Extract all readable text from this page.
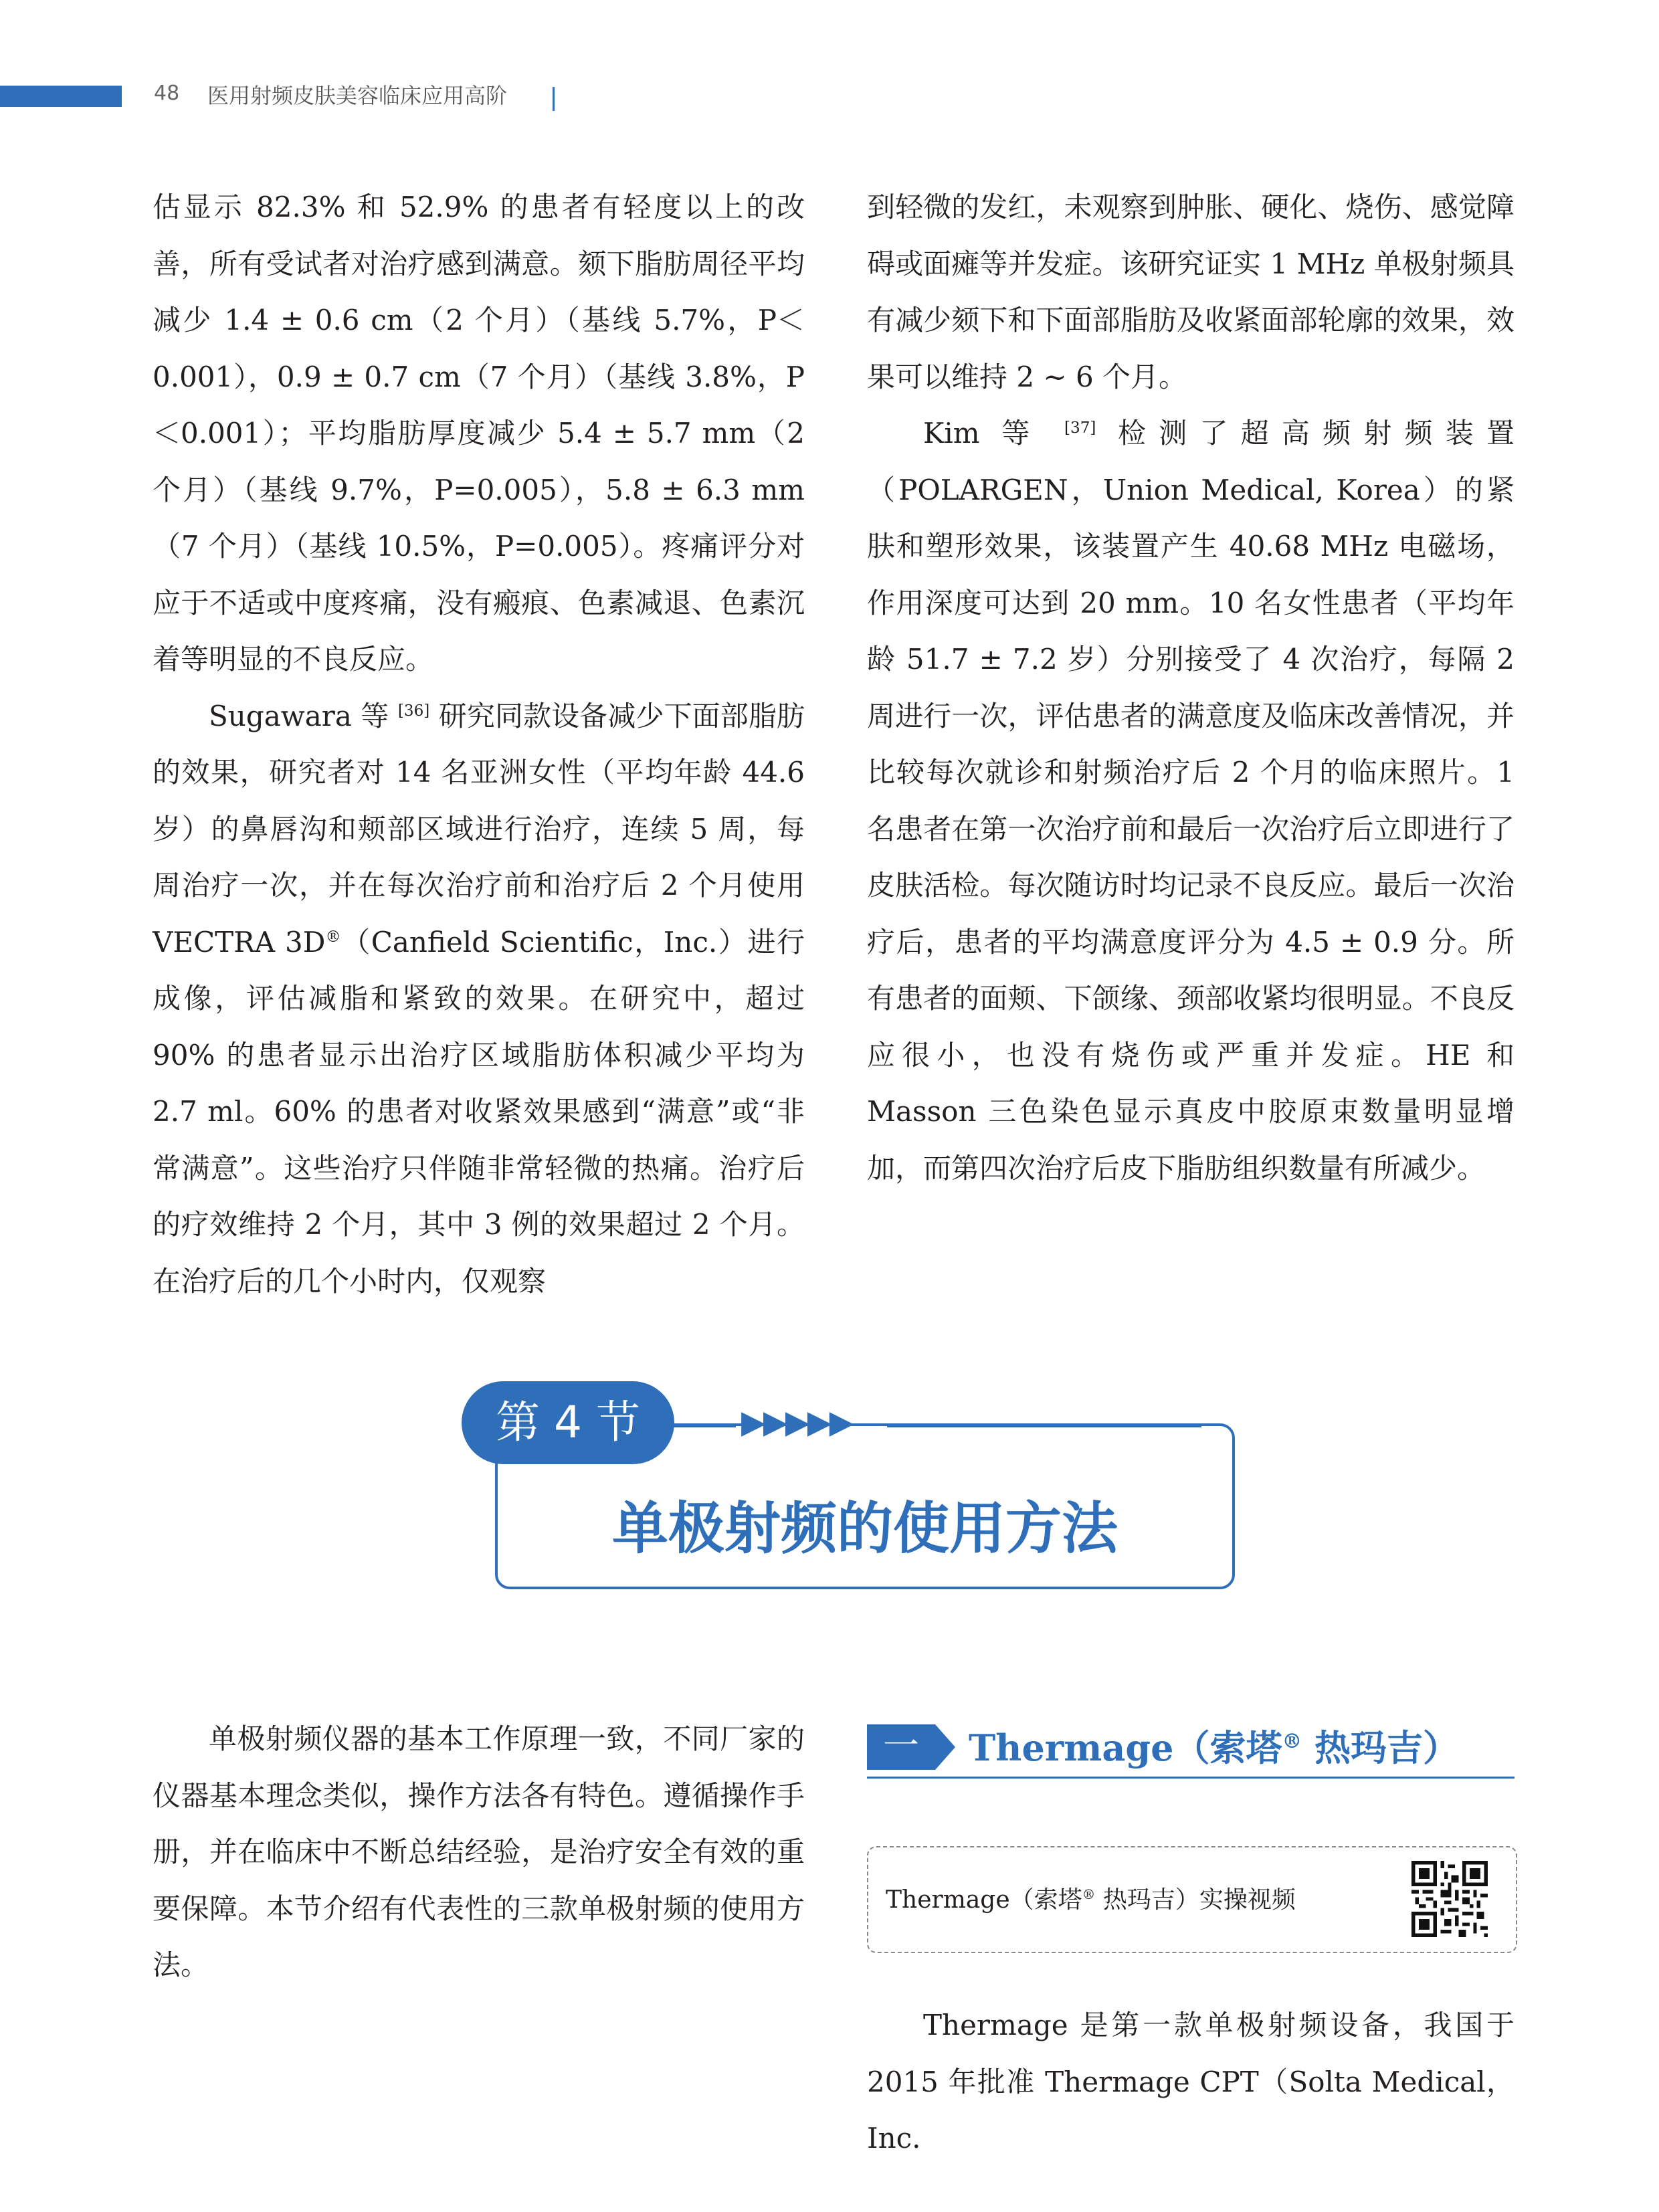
48 医用射频皮肤美容临床应用高阶

估显示 82.3% 和 52.9% 的患者有轻度以上的改善，所有受试者对治疗感到满意。颏下脂肪周径平均减少 1.4 ± 0.6 cm（2 个月）（基线 5.7%，P＜0.001），0.9 ± 0.7 cm（7 个月）（基线 3.8%，P＜0.001）；平均脂肪厚度减少 5.4 ± 5.7 mm（2 个月）（基线 9.7%，P=0.005），5.8 ± 6.3 mm（7 个月）（基线 10.5%，P=0.005）。疼痛评分对应于不适或中度疼痛，没有瘢痕、色素减退、色素沉着等明显的不良反应。

Sugawara 等 [36] 研究同款设备减少下面部脂肪的效果，研究者对 14 名亚洲女性（平均年龄 44.6 岁）的鼻唇沟和颊部区域进行治疗，连续 5 周，每周治疗一次，并在每次治疗前和治疗后 2 个月使用 VECTRA 3D®（Canfield Scientific，Inc.）进行成像，评估减脂和紧致的效果。在研究中，超过 90% 的患者显示出治疗区域脂肪体积减少平均为 2.7 ml。60% 的患者对收紧效果感到“满意”或“非常满意”。这些治疗只伴随非常轻微的热痛。治疗后的疗效维持 2 个月，其中 3 例的效果超过 2 个月。在治疗后的几个小时内，仅观察

到轻微的发红，未观察到肿胀、硬化、烧伤、感觉障碍或面瘫等并发症。该研究证实 1 MHz 单极射频具有减少颏下和下面部脂肪及收紧面部轮廓的效果，效果可以维持 2 ~ 6 个月。

Kim 等 [37] 检测了超高频射频装置（POLARGEN，Union Medical, Korea）的紧肤和塑形效果，该装置产生 40.68 MHz 电磁场，作用深度可达到 20 mm。10 名女性患者（平均年龄 51.7 ± 7.2 岁）分别接受了 4 次治疗，每隔 2 周进行一次，评估患者的满意度及临床改善情况，并比较每次就诊和射频治疗后 2 个月的临床照片。1 名患者在第一次治疗前和最后一次治疗后立即进行了皮肤活检。每次随访时均记录不良反应。最后一次治疗后，患者的平均满意度评分为 4.5 ± 0.9 分。所有患者的面颊、下颌缘、颈部收紧均很明显。不良反应很小，也没有烧伤或严重并发症。HE 和 Masson 三色染色显示真皮中胶原束数量明显增加，而第四次治疗后皮下脂肪组织数量有所减少。

单极射频的使用方法
第 4 节	▶▶▶▶▶

单极射频仪器的基本工作原理一致，不同厂家的仪器基本理念类似，操作方法各有特色。遵循操作手册，并在临床中不断总结经验，是治疗安全有效的重要保障。本节介绍有代表性的三款单极射频的使用方法。

一	Thermage（索塔® 热玛吉）
Thermage（索塔® 热玛吉）实操视频

Thermage 是第一款单极射频设备，我国于 2015 年批准 Thermage CPT（Solta Medical，Inc.
